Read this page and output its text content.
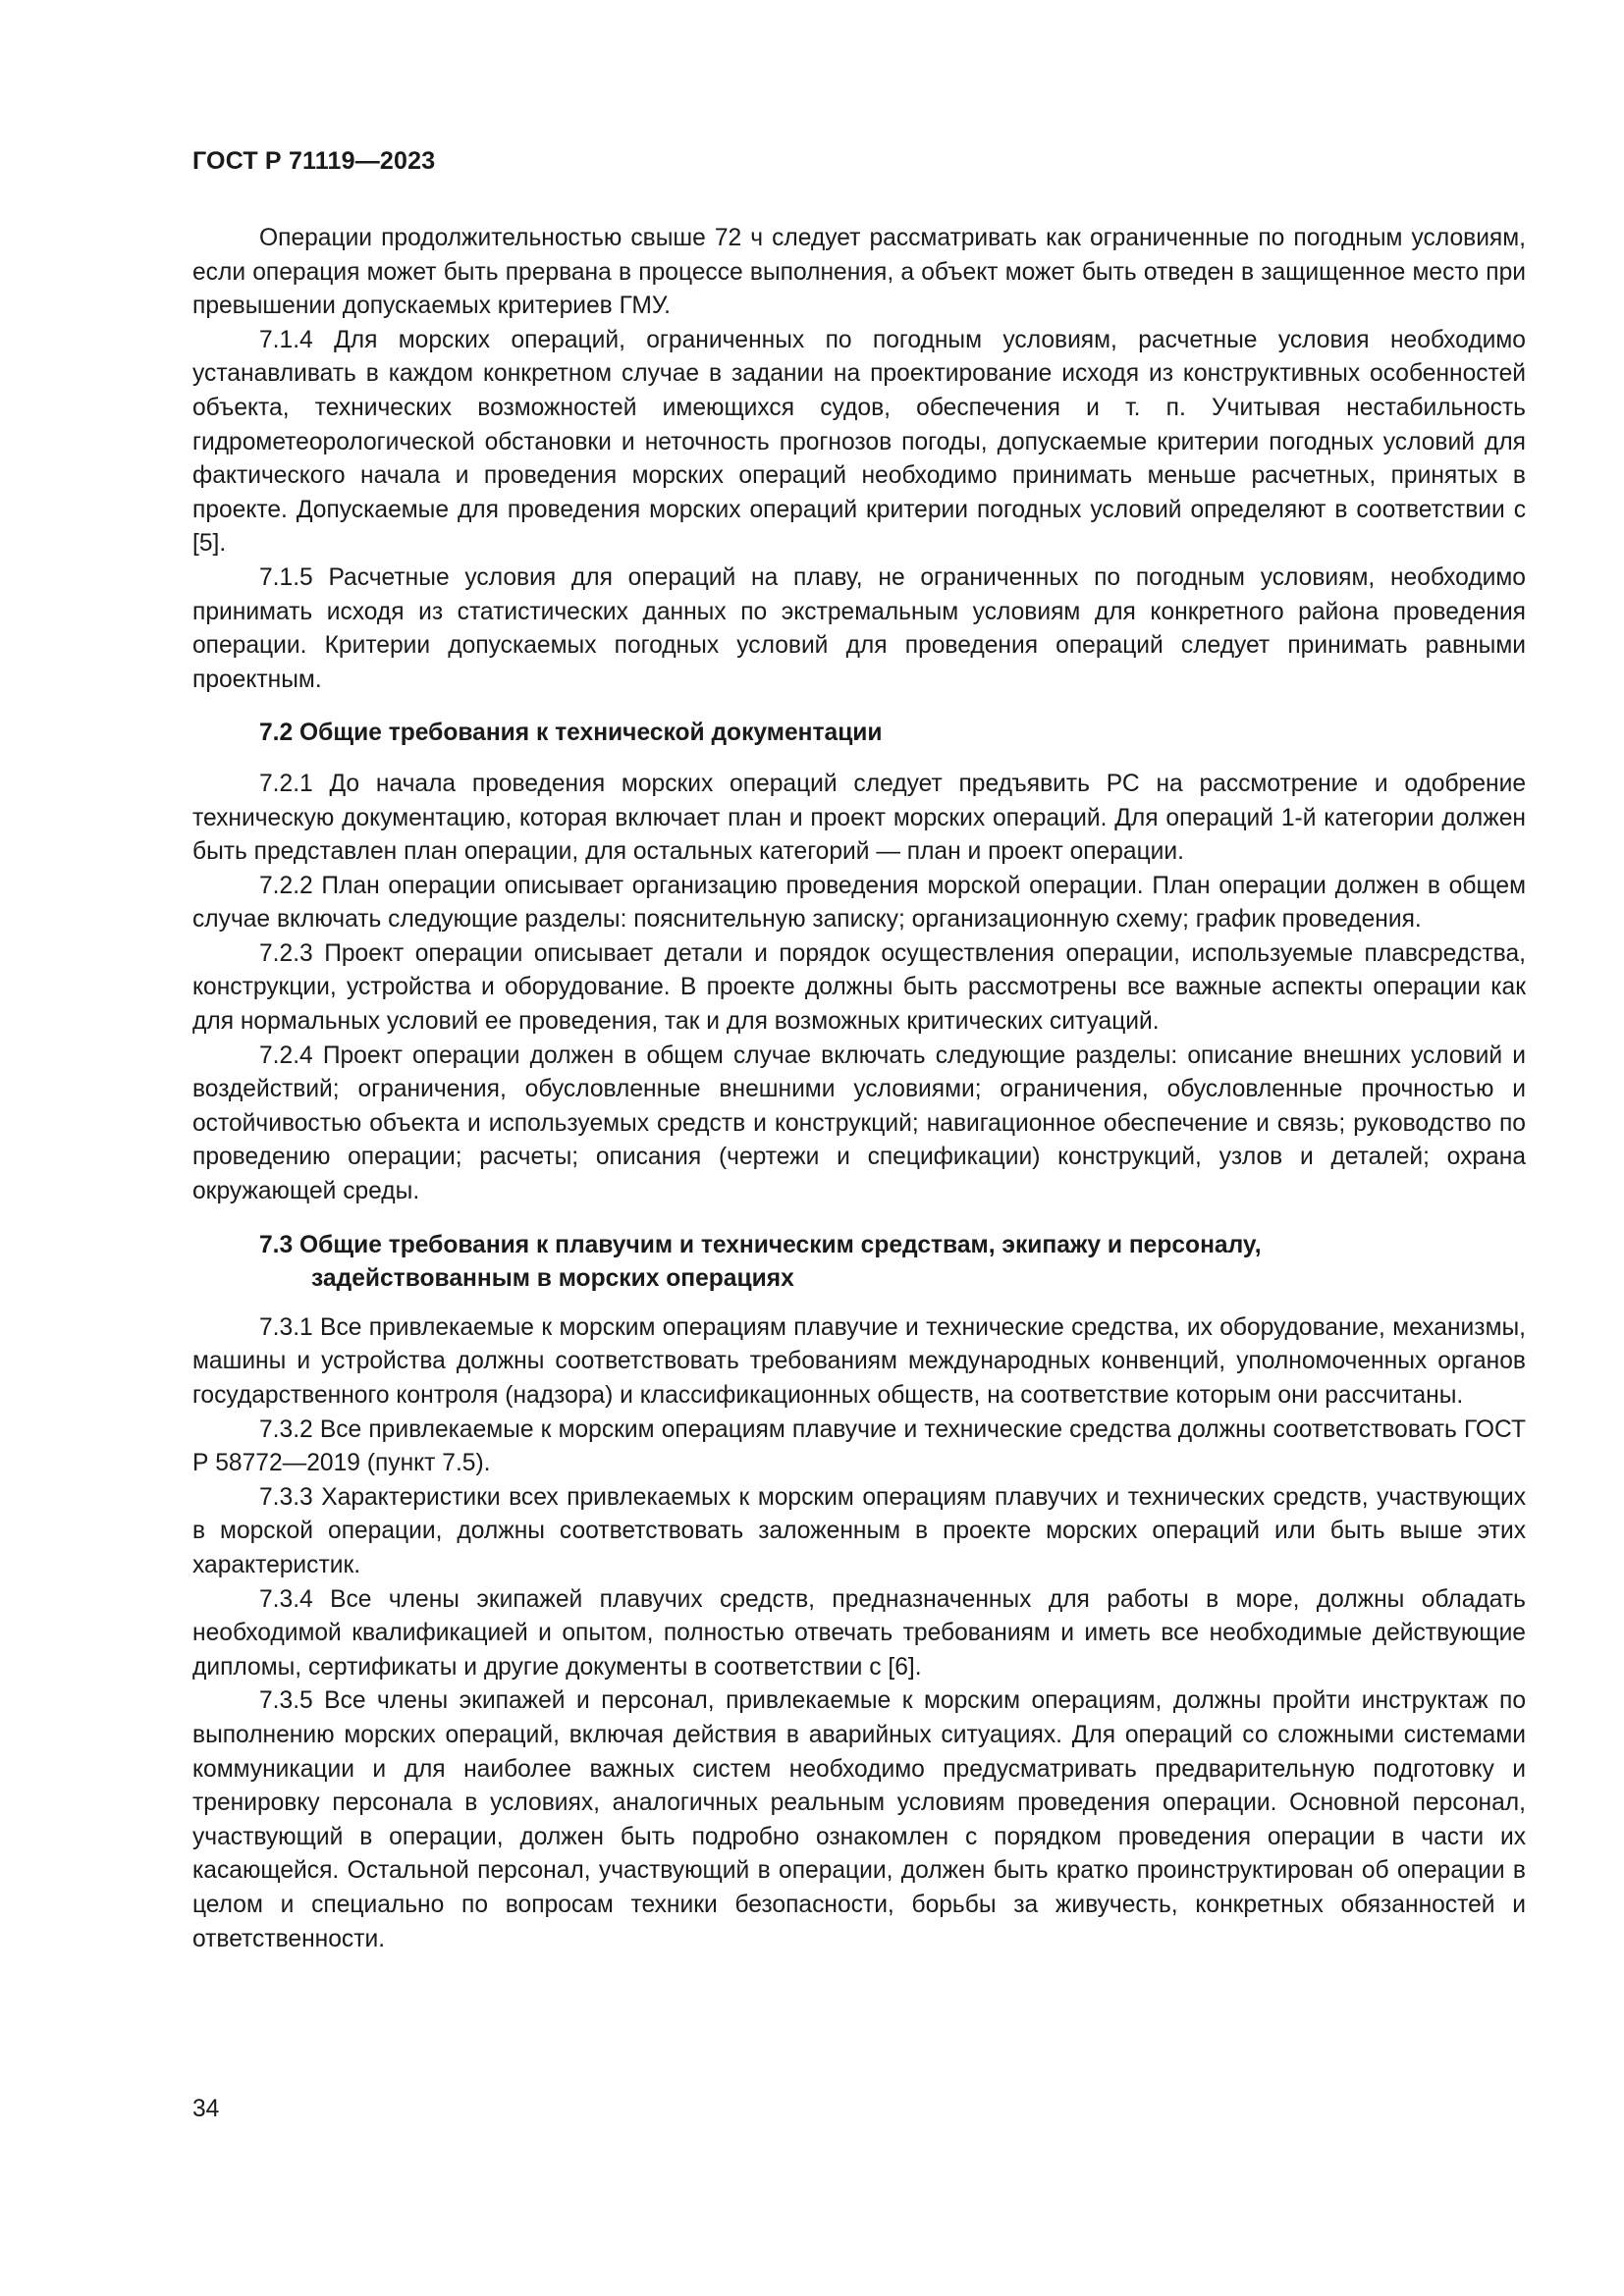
ГОСТ Р 71119—2023

Операции продолжительностью свыше 72 ч следует рассматривать как ограниченные по погодным условиям, если операция может быть прервана в процессе выполнения, а объект может быть отведен в защищенное место при превышении допускаемых критериев ГМУ.

7.1.4 Для морских операций, ограниченных по погодным условиям, расчетные условия необходимо устанавливать в каждом конкретном случае в задании на проектирование исходя из конструктивных особенностей объекта, технических возможностей имеющихся судов, обеспечения и т. п. Учитывая нестабильность гидрометеорологической обстановки и неточность прогнозов погоды, допускаемые критерии погодных условий для фактического начала и проведения морских операций необходимо принимать меньше расчетных, принятых в проекте. Допускаемые для проведения морских операций критерии погодных условий определяют в соответствии с [5].

7.1.5 Расчетные условия для операций на плаву, не ограниченных по погодным условиям, необходимо принимать исходя из статистических данных по экстремальным условиям для конкретного района проведения операции. Критерии допускаемых погодных условий для проведения операций следует принимать равными проектным.

7.2 Общие требования к технической документации

7.2.1 До начала проведения морских операций следует предъявить РС на рассмотрение и одобрение техническую документацию, которая включает план и проект морских операций. Для операций 1-й категории должен быть представлен план операции, для остальных категорий — план и проект операции.

7.2.2 План операции описывает организацию проведения морской операции. План операции должен в общем случае включать следующие разделы: пояснительную записку; организационную схему; график проведения.

7.2.3 Проект операции описывает детали и порядок осуществления операции, используемые плавсредства, конструкции, устройства и оборудование. В проекте должны быть рассмотрены все важные аспекты операции как для нормальных условий ее проведения, так и для возможных критических ситуаций.

7.2.4 Проект операции должен в общем случае включать следующие разделы: описание внешних условий и воздействий; ограничения, обусловленные внешними условиями; ограничения, обусловленные прочностью и остойчивостью объекта и используемых средств и конструкций; навигационное обеспечение и связь; руководство по проведению операции; расчеты; описания (чертежи и спецификации) конструкций, узлов и деталей; охрана окружающей среды.

7.3 Общие требования к плавучим и техническим средствам, экипажу и персоналу,
задействованным в морских операциях

7.3.1 Все привлекаемые к морским операциям плавучие и технические средства, их оборудование, механизмы, машины и устройства должны соответствовать требованиям международных конвенций, уполномоченных органов государственного контроля (надзора) и классификационных обществ, на соответствие которым они рассчитаны.

7.3.2 Все привлекаемые к морским операциям плавучие и технические средства должны соответствовать ГОСТ Р 58772—2019 (пункт 7.5).

7.3.3 Характеристики всех привлекаемых к морским операциям плавучих и технических средств, участвующих в морской операции, должны соответствовать заложенным в проекте морских операций или быть выше этих характеристик.

7.3.4 Все члены экипажей плавучих средств, предназначенных для работы в море, должны обладать необходимой квалификацией и опытом, полностью отвечать требованиям и иметь все необходимые действующие дипломы, сертификаты и другие документы в соответствии с [6].

7.3.5 Все члены экипажей и персонал, привлекаемые к морским операциям, должны пройти инструктаж по выполнению морских операций, включая действия в аварийных ситуациях. Для операций со сложными системами коммуникации и для наиболее важных систем необходимо предусматривать предварительную подготовку и тренировку персонала в условиях, аналогичных реальным условиям проведения операции. Основной персонал, участвующий в операции, должен быть подробно ознакомлен с порядком проведения операции в части их касающейся. Остальной персонал, участвующий в операции, должен быть кратко проинструктирован об операции в целом и специально по вопросам техники безопасности, борьбы за живучесть, конкретных обязанностей и ответственности.

34
